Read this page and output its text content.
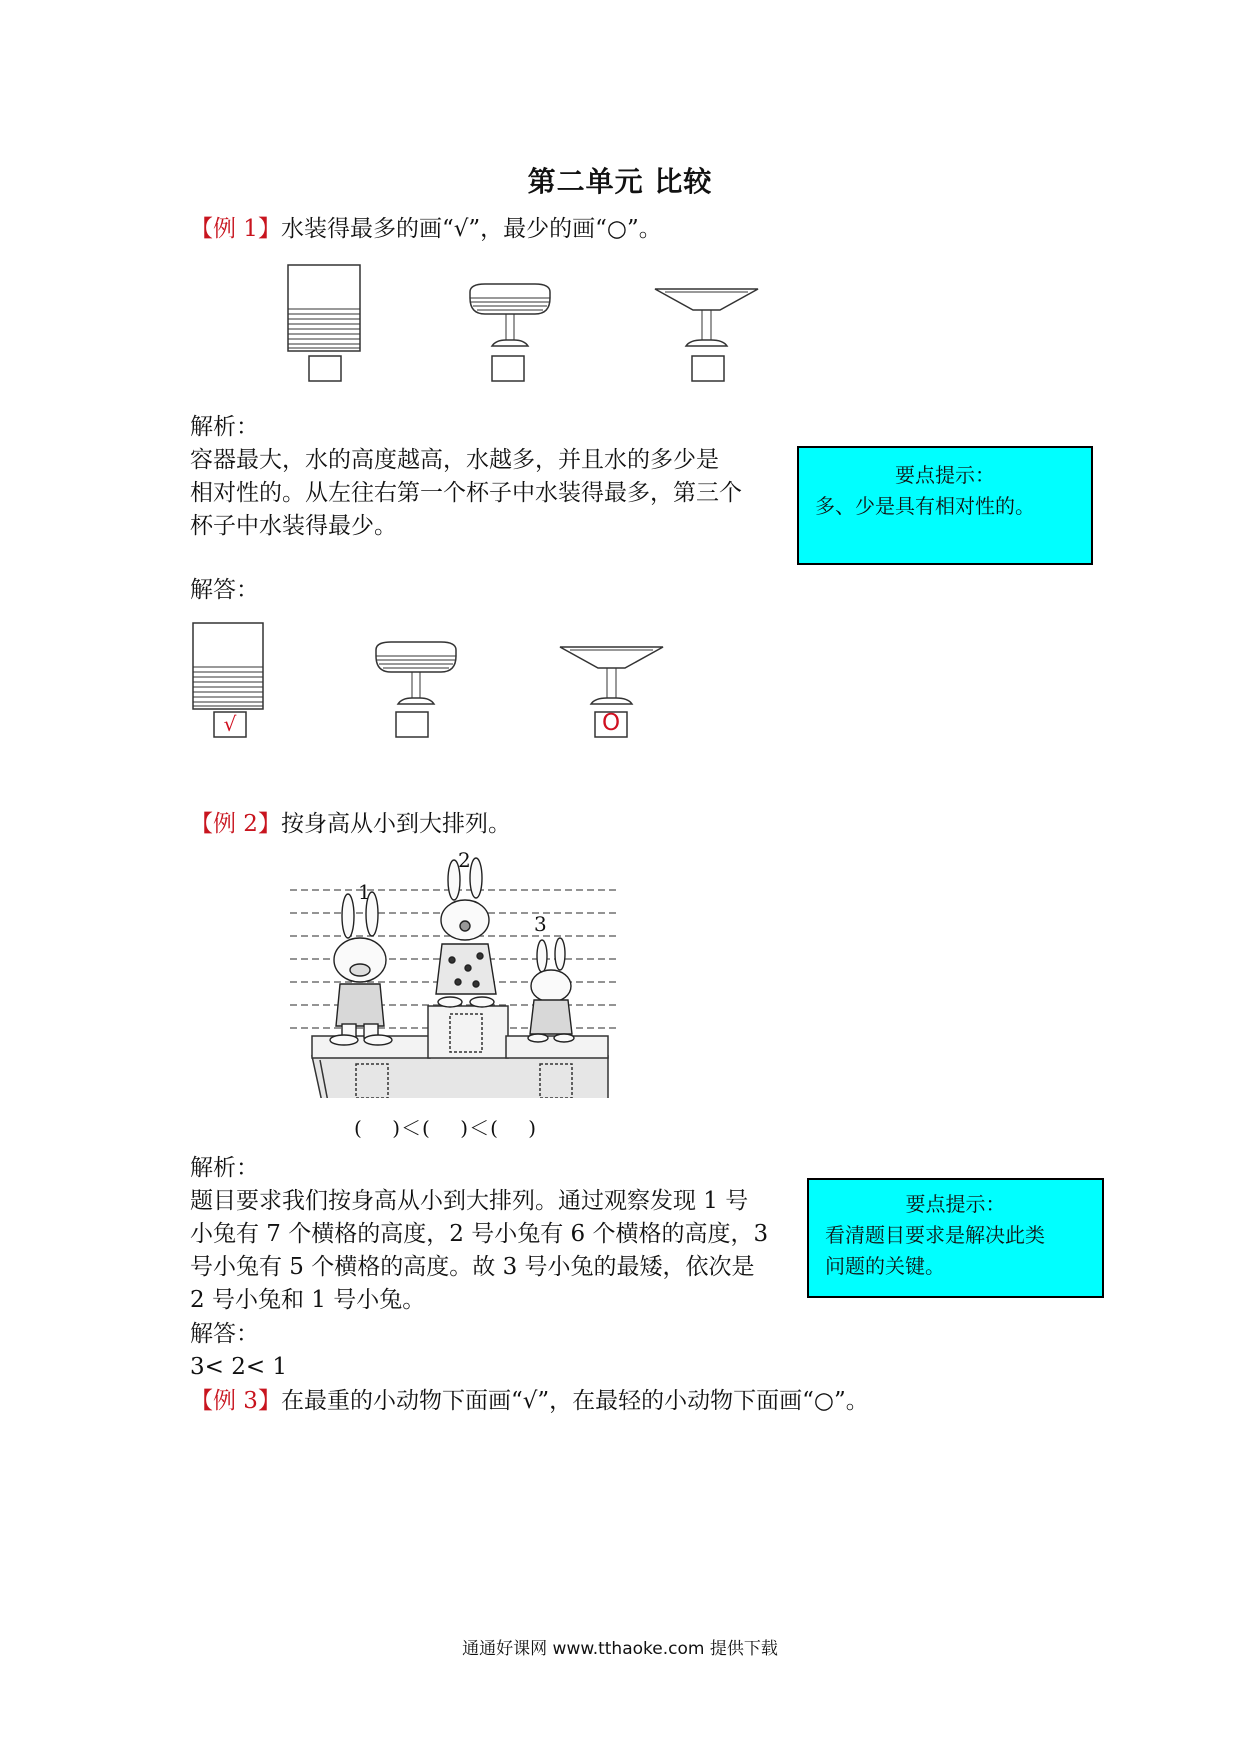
第二单元 比较
【例 1】水装得最多的画“√”，最少的画“○”。
解析：
容器最大，水的高度越高，水越多，并且水的多少是
相对性的。从左往右第一个杯子中水装得最多，第三个
杯子中水装得最少。
要点提示：
多、少是具有相对性的。
解答：
√	O
【例 2】按身高从小到大排列。
1
2
3
(    )＜(    )＜(    )
解析：
题目要求我们按身高从小到大排列。通过观察发现 1 号
小兔有 7 个横格的高度，2 号小兔有 6 个横格的高度，3
号小兔有 5 个横格的高度。故 3 号小兔的最矮，依次是
2 号小兔和 1 号小兔。
要点提示：
看清题目要求是解决此类
问题的关键。
解答：
3< 2< 1
【例 3】在最重的小动物下面画“√”，在最轻的小动物下面画“○”。
通通好课网 www.tthaoke.com 提供下载
